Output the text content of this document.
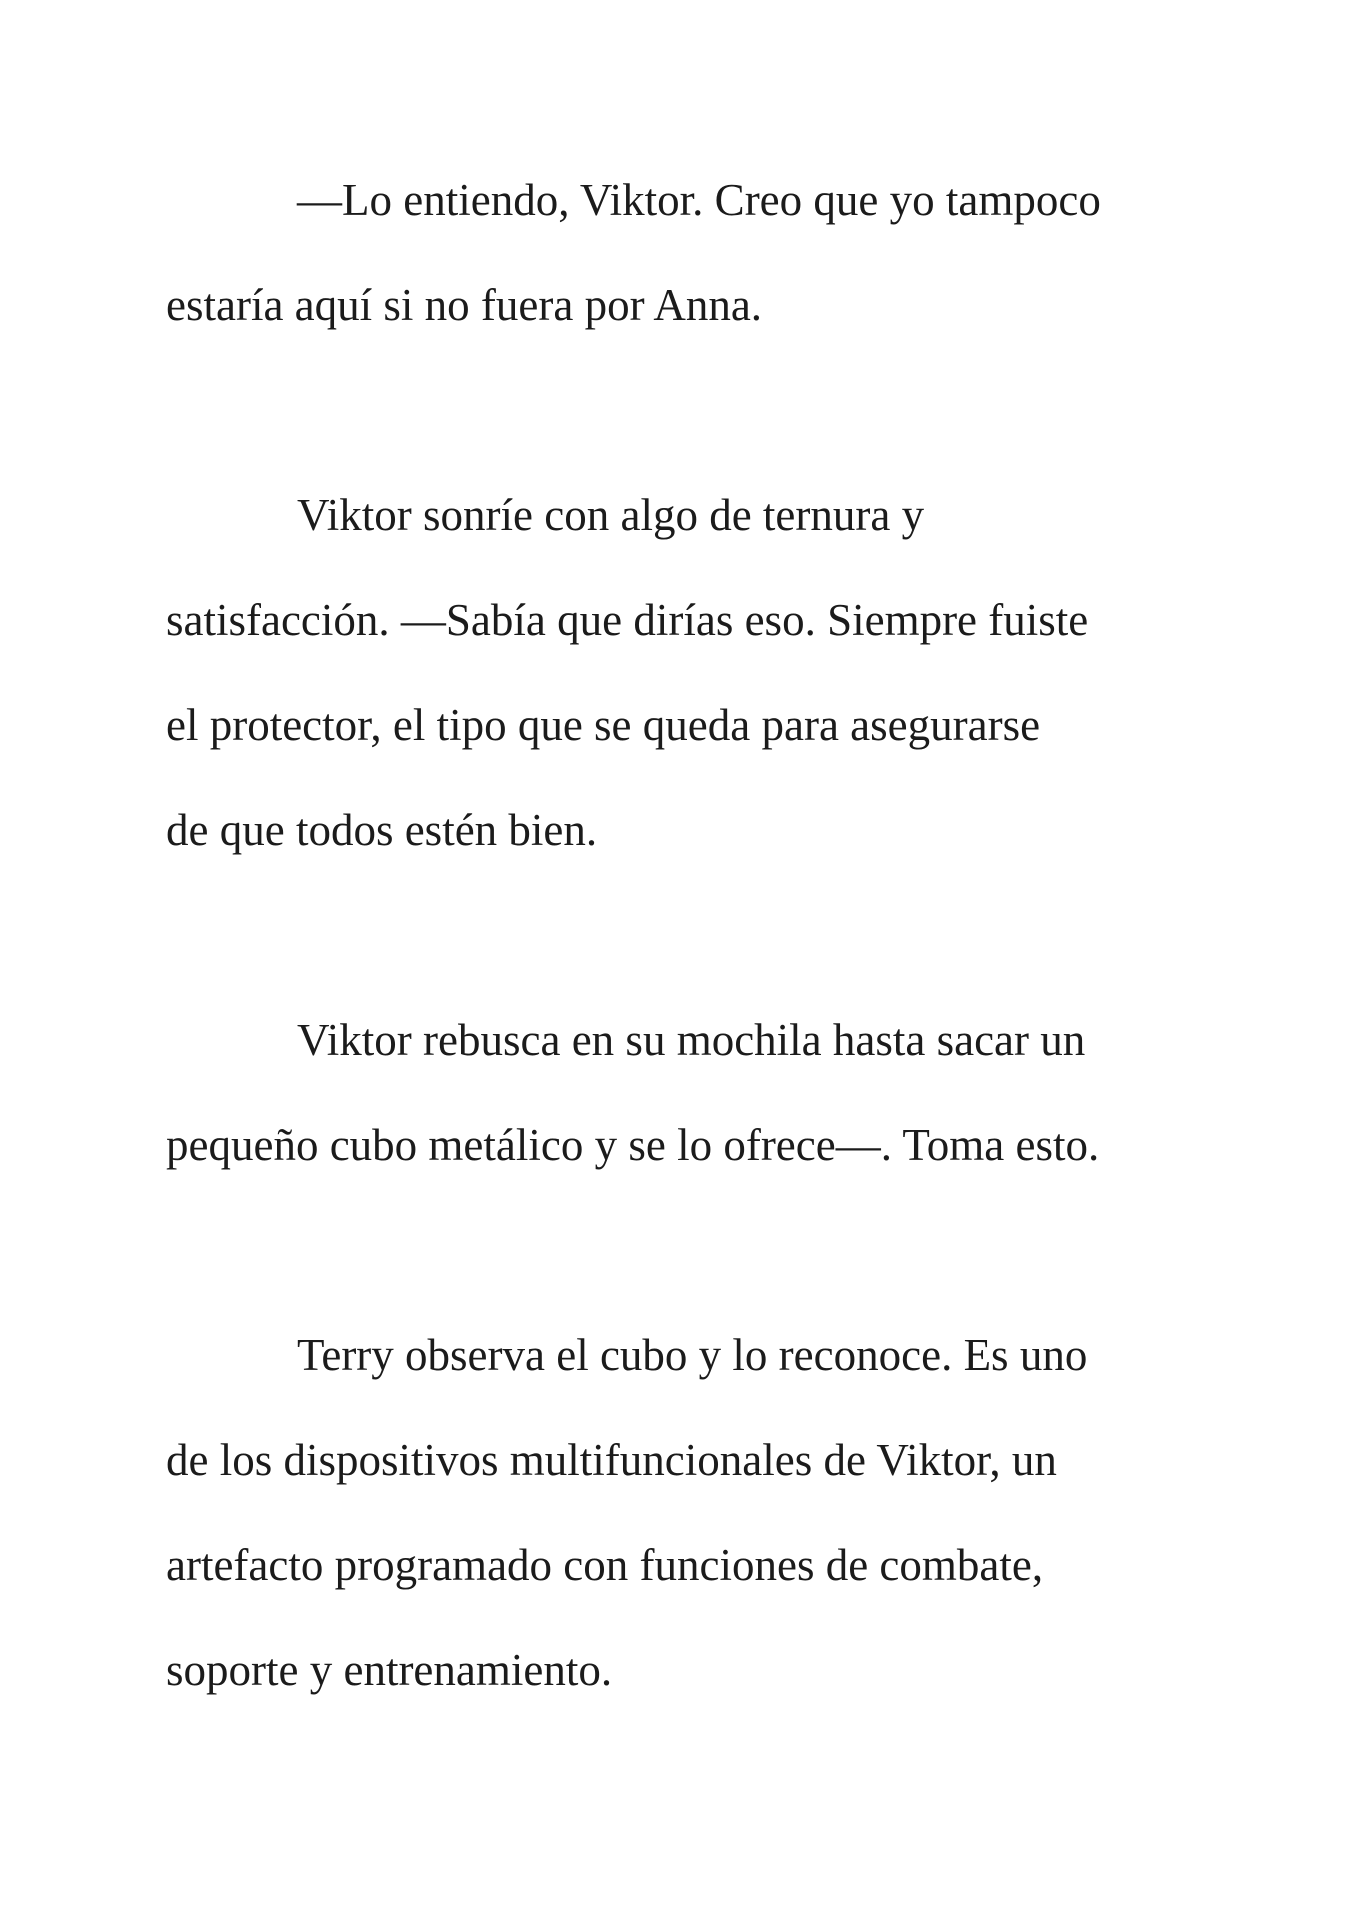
—Lo entiendo, Viktor. Creo que yo tampoco
estaría aquí si no fuera por Anna.
Viktor sonríe con algo de ternura y
satisfacción. —Sabía que dirías eso. Siempre fuiste
el protector, el tipo que se queda para asegurarse
de que todos estén bien.
Viktor rebusca en su mochila hasta sacar un
pequeño cubo metálico y se lo ofrece—. Toma esto.
Terry observa el cubo y lo reconoce. Es uno
de los dispositivos multifuncionales de Viktor, un
artefacto programado con funciones de combate,
soporte y entrenamiento.
